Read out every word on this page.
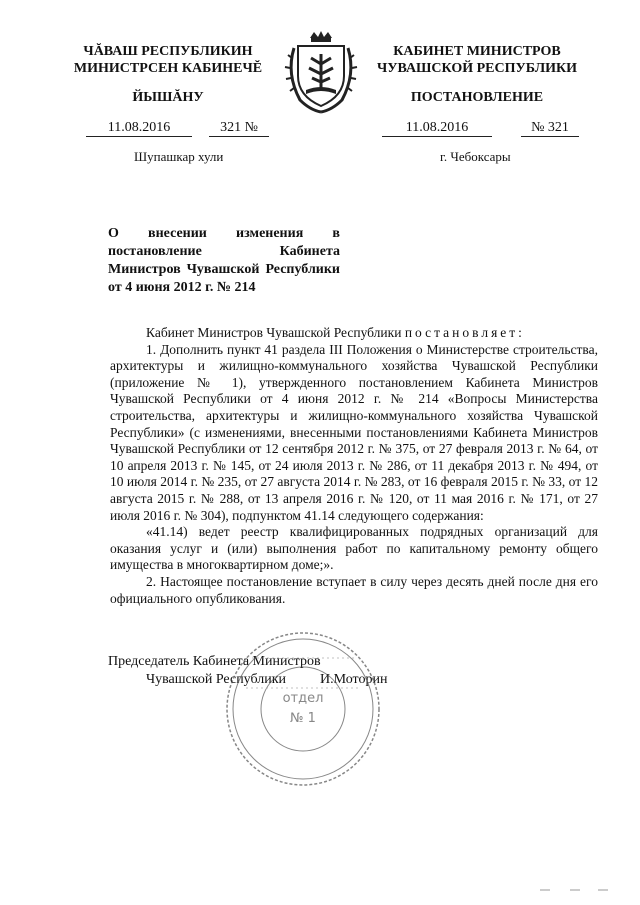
ЧĂВАШ РЕСПУБЛИКИН
МИНИСТРСЕН КАБИНЕЧĔ
ЙЫШĂНУ
КАБИНЕТ МИНИСТРОВ
ЧУВАШСКОЙ РЕСПУБЛИКИ
ПОСТАНОВЛЕНИЕ
11.08.2016	321 №	11.08.2016	№ 321
Шупашкар хули	г. Чебоксары
О внесении изменения в постановление Кабинета Министров Чувашской Республики от 4 июня 2012 г. № 214

Кабинет Министров Чувашской Республики постановляет:

1. Дополнить пункт 41 раздела III Положения о Министерстве строительства, архитектуры и жилищно-коммунального хозяйства Чувашской Республики (приложение № 1), утвержденного постановлением Кабинета Министров Чувашской Республики от 4 июня 2012 г. № 214 «Вопросы Министерства строительства, архитектуры и жилищно-коммунального хозяйства Чувашской Республики» (с изменениями, внесенными постановлениями Кабинета Министров Чувашской Республики от 12 сентября 2012 г. № 375, от 27 февраля 2013 г. № 64, от 10 апреля 2013 г. № 145, от 24 июля 2013 г. № 286, от 11 декабря 2013 г. № 494, от 10 июля 2014 г. № 235, от 27 августа 2014 г. № 283, от 16 февраля 2015 г. № 33, от 12 августа 2015 г. № 288, от 13 апреля 2016 г. № 120, от 11 мая 2016 г. № 171, от 27 июля 2016 г. № 304), подпунктом 41.14 следующего содержания:

«41.14) ведет реестр квалифицированных подрядных организаций для оказания услуг и (или) выполнения работ по капитальному ремонту общего имущества в многоквартирном доме;».

2. Настоящее постановление вступает в силу через десять дней после дня его официального опубликования.

Председатель Кабинета Министров
Чувашской Республики И.Моторин
отдел
№ 1
